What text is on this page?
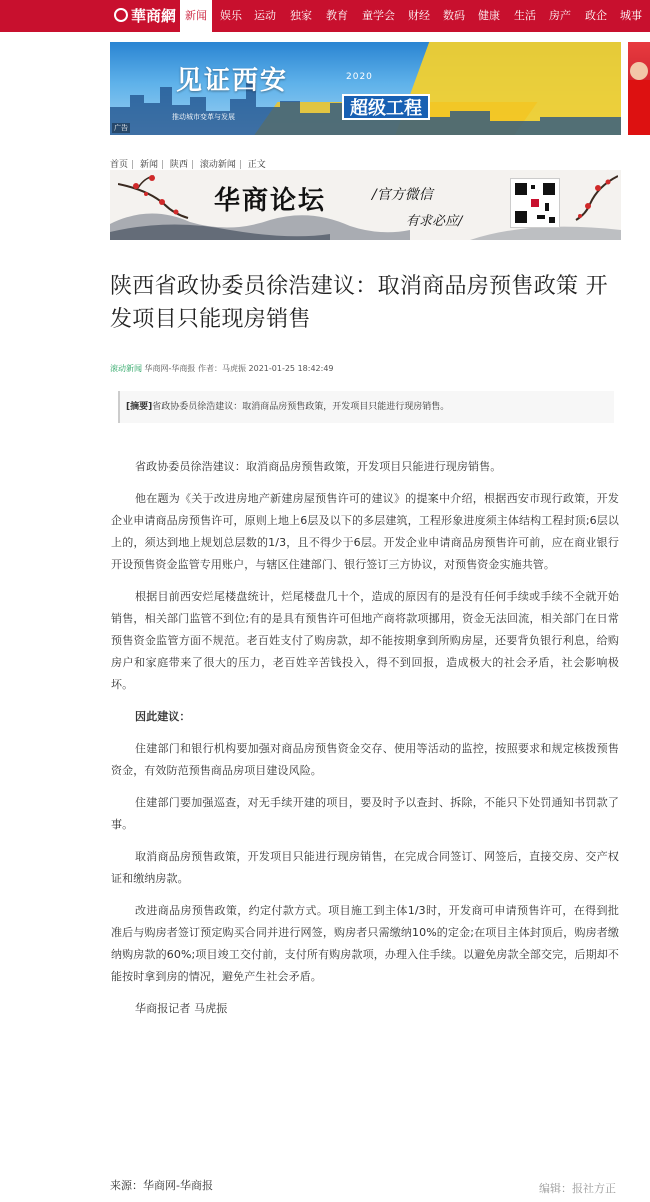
華商網 新闻	娱乐 运动 独家 教育 童学会 财经 数码 健康 生活 房产 政企 城事
见证西安
推动城市变革与发展
2020
超级工程
广告
首页 | 新闻 | 陕西 | 滚动新闻 | 正文
华商论坛	/官方微信
有求必应/
陕西省政协委员徐浩建议：取消商品房预售政策 开发项目只能现房销售
滚动新闻 华商网-华商报 作者：马虎振 2021-01-25 18:42:49
[摘要]省政协委员徐浩建议：取消商品房预售政策，开发项目只能进行现房销售。

省政协委员徐浩建议：取消商品房预售政策，开发项目只能进行现房销售。

他在题为《关于改进房地产新建房屋预售许可的建议》的提案中介绍，根据西安市现行政策，开发企业申请商品房预售许可，原则上地上6层及以下的多层建筑，工程形象进度须主体结构工程封顶;6层以上的，须达到地上规划总层数的1/3，且不得少于6层。开发企业申请商品房预售许可前，应在商业银行开设预售资金监管专用账户，与辖区住建部门、银行签订三方协议，对预售资金实施共管。

根据目前西安烂尾楼盘统计，烂尾楼盘几十个，造成的原因有的是没有任何手续或手续不全就开始销售，相关部门监管不到位;有的是具有预售许可但地产商将款项挪用，资金无法回流，相关部门在日常预售资金监管方面不规范。老百姓支付了购房款，却不能按期拿到所购房屋，还要背负银行利息，给购房户和家庭带来了很大的压力，老百姓辛苦钱投入，得不到回报，造成极大的社会矛盾，社会影响极坏。

因此建议：

住建部门和银行机构要加强对商品房预售资金交存、使用等活动的监控，按照要求和规定核拨预售资金，有效防范预售商品房项目建设风险。

住建部门要加强巡查，对无手续开建的项目，要及时予以查封、拆除，不能只下处罚通知书罚款了事。

取消商品房预售政策，开发项目只能进行现房销售，在完成合同签订、网签后，直接交房、交产权证和缴纳房款。

改进商品房预售政策，约定付款方式。项目施工到主体1/3时，开发商可申请预售许可，在得到批准后与购房者签订预定购买合同并进行网签，购房者只需缴纳10%的定金;在项目主体封顶后，购房者缴纳购房款的60%;项目竣工交付前，支付所有购房款项，办理入住手续。以避免房款全部交完，后期却不能按时拿到房的情况，避免产生社会矛盾。

华商报记者 马虎振

来源：华商网-华商报	编辑：报社方正
